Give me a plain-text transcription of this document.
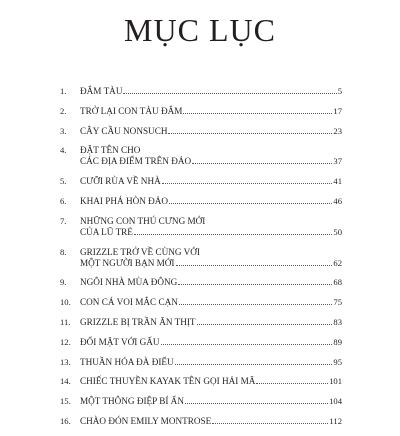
MỤC LỤC
1.	ĐẮM TÀU	5
2.	TRỞ LẠI CON TÀU ĐẮM	17
3.	CÂY CẦU NONSUCH	23
4.	ĐẶT TÊN CHO
CÁC ĐỊA ĐIỂM TRÊN ĐẢO	37
5.	CƯỠI RÙA VỀ NHÀ	41
6.	KHAI PHÁ HÒN ĐẢO	46
7.	NHỮNG CON THÚ CƯNG MỚI
CỦA LŨ TRẺ	50
8.	GRIZZLE TRỞ VỀ CÙNG VỚI
MỘT NGƯỜI BẠN MỚI	62
9.	NGÔI NHÀ MÙA ĐÔNG	68
10.	CON CÁ VOI MẮC CẠN	75
11.	GRIZZLE BỊ TRẦN ĂN THỊT	83
12.	ĐỐI MẶT VỚI GẤU	89
13.	THUẦN HÓA ĐÀ ĐIỂU	95
14.	CHIẾC THUYỀN KAYAK TÊN GỌI HẢI MÃ	101
15.	MỘT THÔNG ĐIỆP BÍ ẨN	104
16.	CHÀO ĐÓN EMILY MONTROSE	112
